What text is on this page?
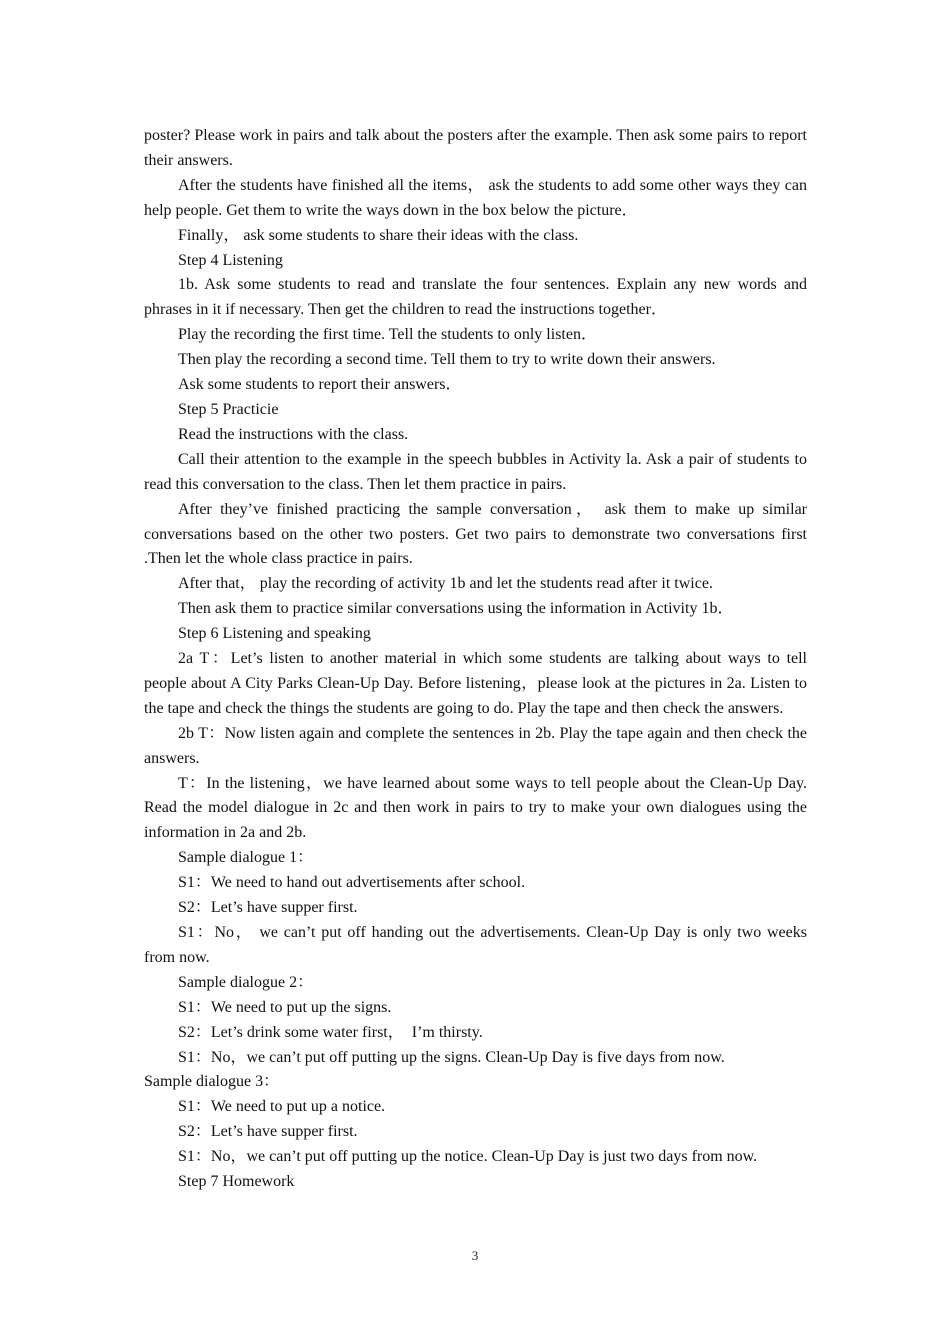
poster? Please work in pairs and talk about the posters after the example. Then ask some pairs to report their answers.

After the students have finished all the items， ask the students to add some other ways they can help people. Get them to write the ways down in the box below the picture．

Finally， ask some students to share their ideas with the class.

Step 4 Listening

1b. Ask some students to read and translate the four sentences. Explain any new words and phrases in it if necessary. Then get the children to read the instructions together．

Play the recording the first time. Tell the students to only listen．

Then play the recording a second time. Tell them to try to write down their answers.

Ask some students to report their answers．

Step 5 Practicie

Read the instructions with the class.

Call their attention to the example in the speech bubbles in Activity la. Ask a pair of students to read this conversation to the class. Then let them practice in pairs.

After they’ve finished practicing the sample conversation， ask them to make up similar conversations based on the other two posters. Get two pairs to demonstrate two conversations first .Then let the whole class practice in pairs.

After that， play the recording of activity 1b and let the students read after it twice.

Then ask them to practice similar conversations using the information in Activity 1b．

Step 6 Listening and speaking

2a T：Let’s listen to another material in which some students are talking about ways to tell people about A City Parks Clean-Up Day. Before listening，please look at the pictures in 2a. Listen to the tape and check the things the students are going to do. Play the tape and then check the answers.

2b T：Now listen again and complete the sentences in 2b. Play the tape again and then check the answers.

T：In the listening，we have learned about some ways to tell people about the Clean-Up Day. Read the model dialogue in 2c and then work in pairs to try to make your own dialogues using the information in 2a and 2b.

Sample dialogue 1：

S1：We need to hand out advertisements after school.

S2：Let’s have supper first.

S1：No， we can’t put off handing out the advertisements. Clean-Up Day is only two weeks from now.

Sample dialogue 2：

S1：We need to put up the signs.

S2：Let’s drink some water first，  I’m thirsty.

S1：No，we can’t put off putting up the signs. Clean-Up Day is five days from now.

Sample dialogue 3：

S1：We need to put up a notice.

S2：Let’s have supper first.

S1：No，we can’t put off putting up the notice. Clean-Up Day is just two days from now.

Step 7 Homework

3
